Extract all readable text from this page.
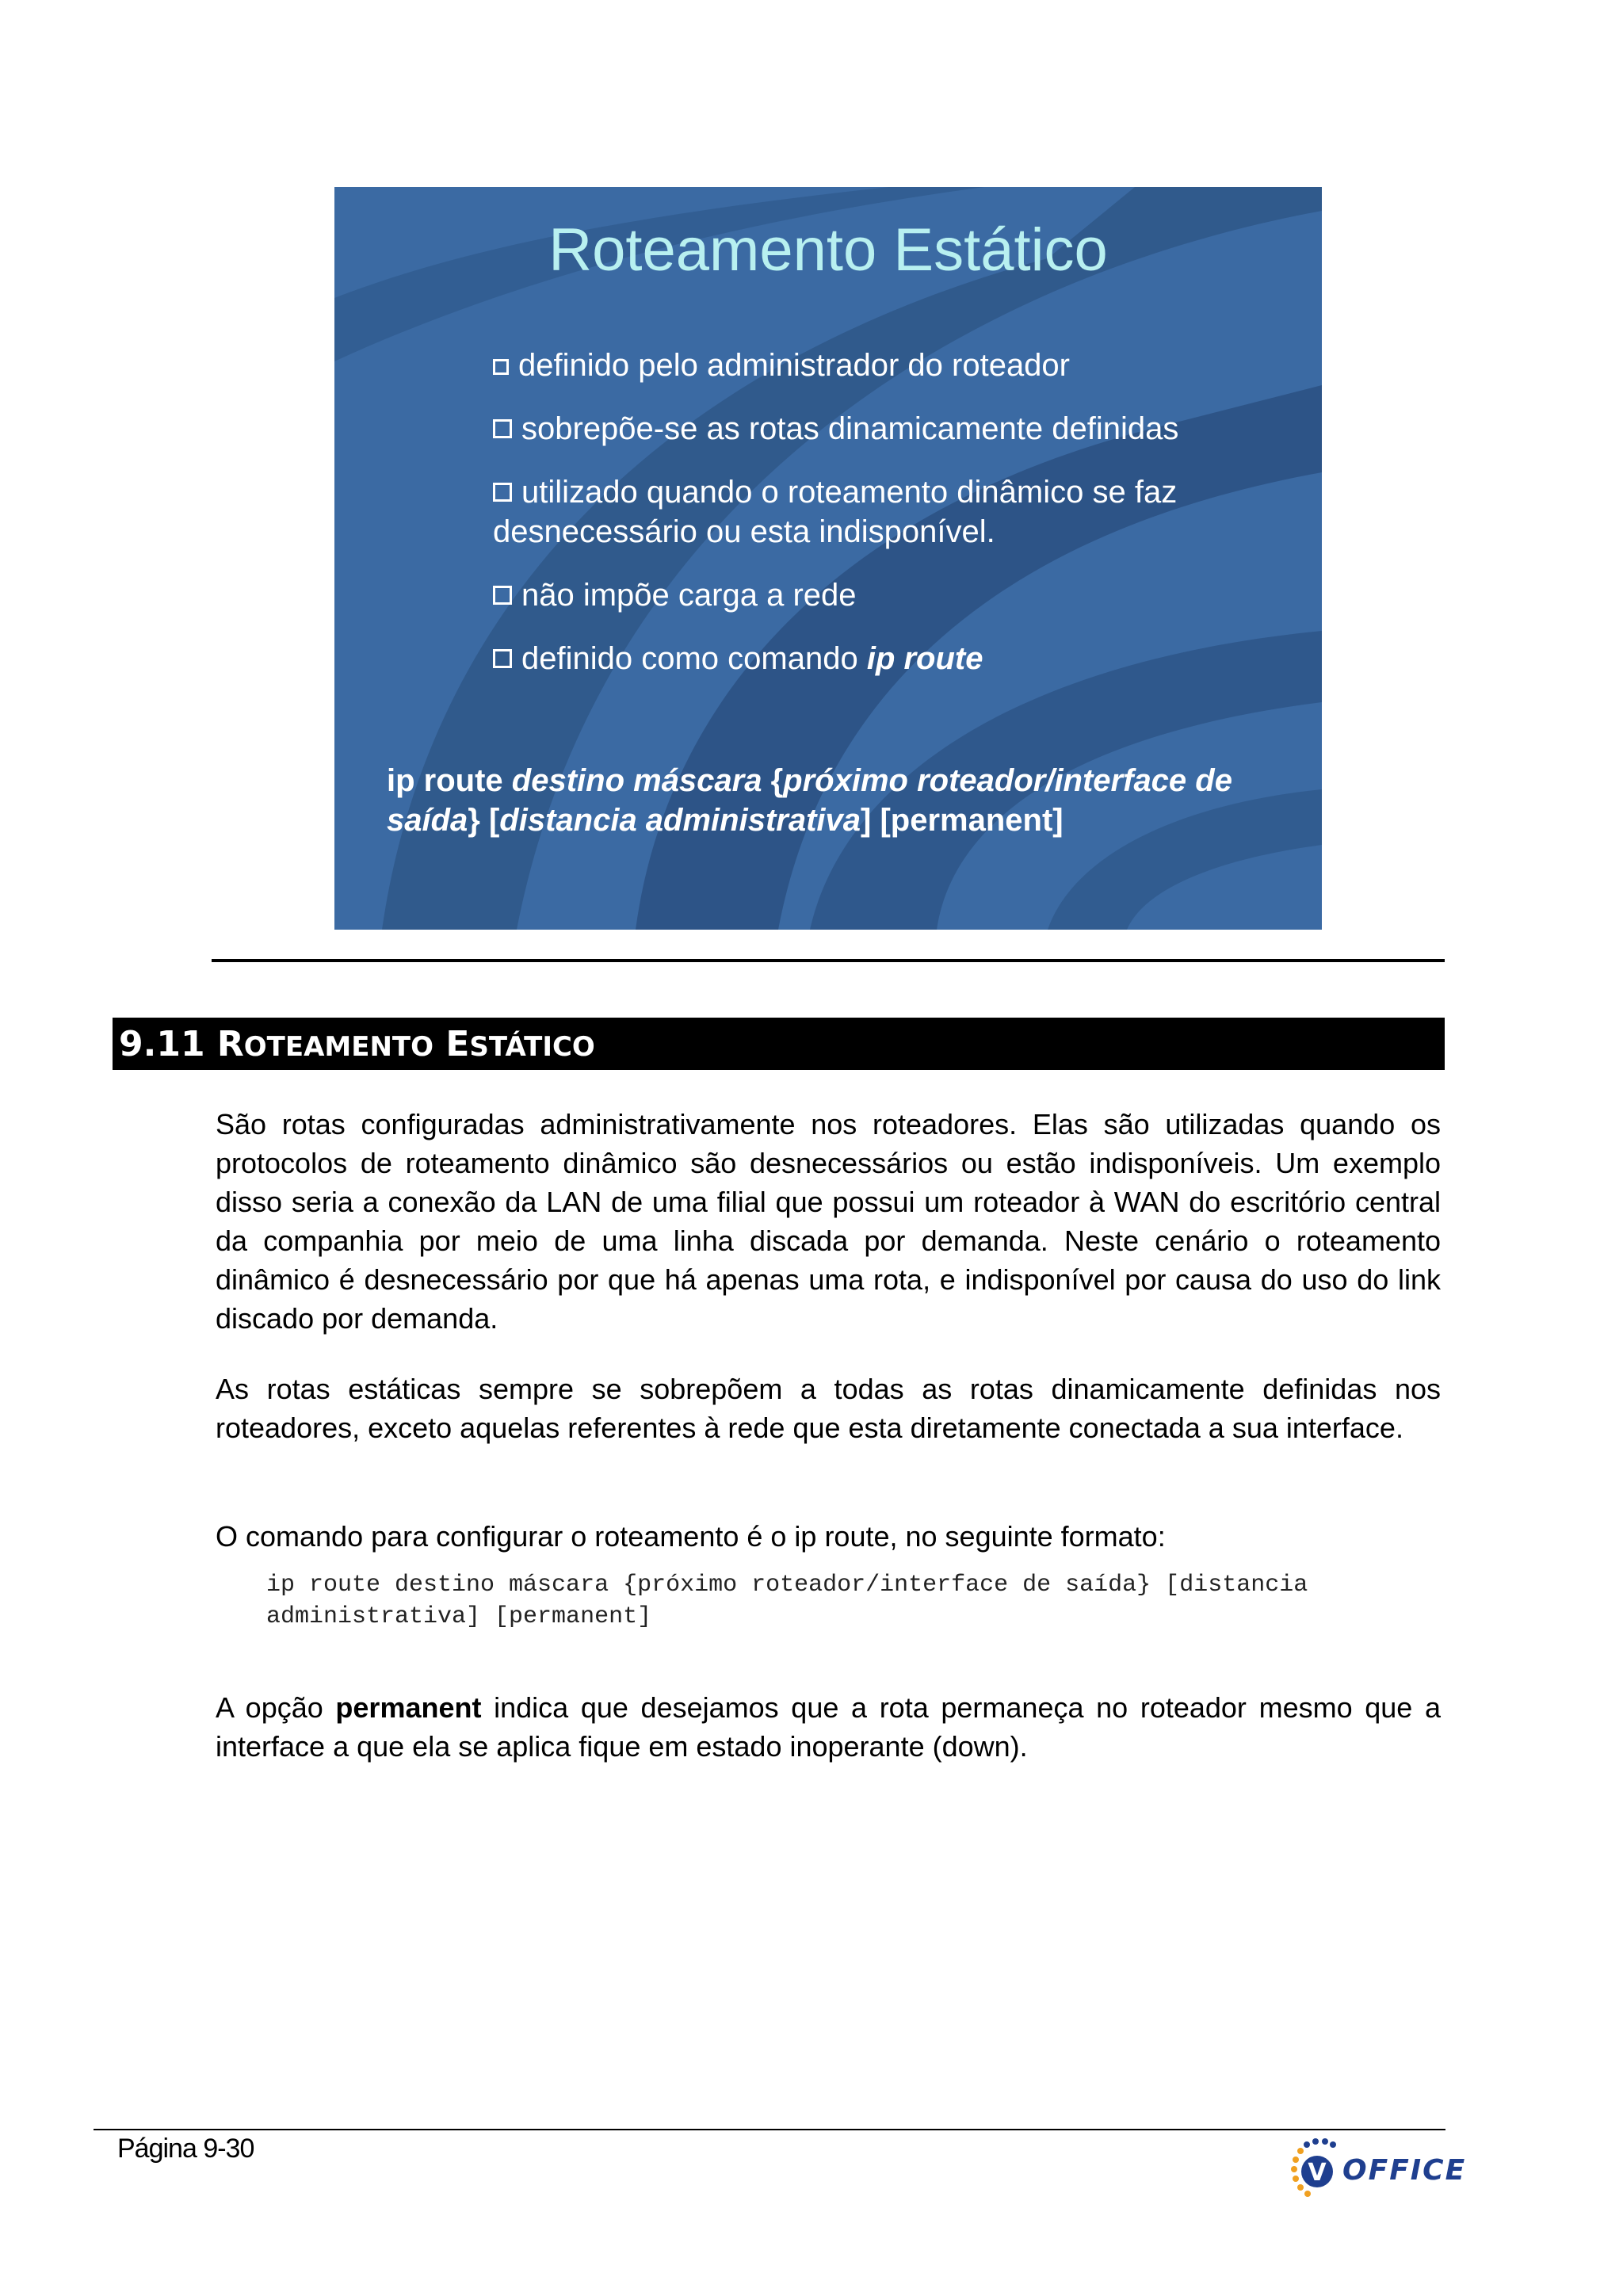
Roteamento Estático
definido pelo administrador do roteador
sobrepõe-se as rotas dinamicamente definidas
utilizado quando o roteamento dinâmico se faz desnecessário ou esta indisponível.
não impõe carga a rede
definido como comando ip route
ip route destino máscara {próximo roteador/interface de saída} [distancia administrativa] [permanent]
9.11 ROTEAMENTO ESTÁTICO
São rotas configuradas administrativamente nos roteadores. Elas são utilizadas quando os protocolos de roteamento dinâmico são desnecessários ou estão indisponíveis. Um exemplo disso seria a conexão da LAN de uma filial que possui um roteador à WAN do escritório central da companhia por meio de uma linha discada por demanda. Neste cenário o roteamento dinâmico é desnecessário por que há apenas uma rota, e indisponível por causa do uso do link discado por demanda.
As rotas estáticas sempre se sobrepõem a todas as rotas dinamicamente definidas nos roteadores, exceto aquelas referentes à rede que esta diretamente conectada a sua interface.
O comando para configurar o roteamento é o ip route, no seguinte formato:
ip route destino máscara {próximo roteador/interface de saída} [distancia
administrativa] [permanent]
A opção permanent indica que desejamos que a rota permaneça no roteador mesmo que a interface a que ela se aplica fique em estado inoperante (down).
Página 9-30
V OFFICE
